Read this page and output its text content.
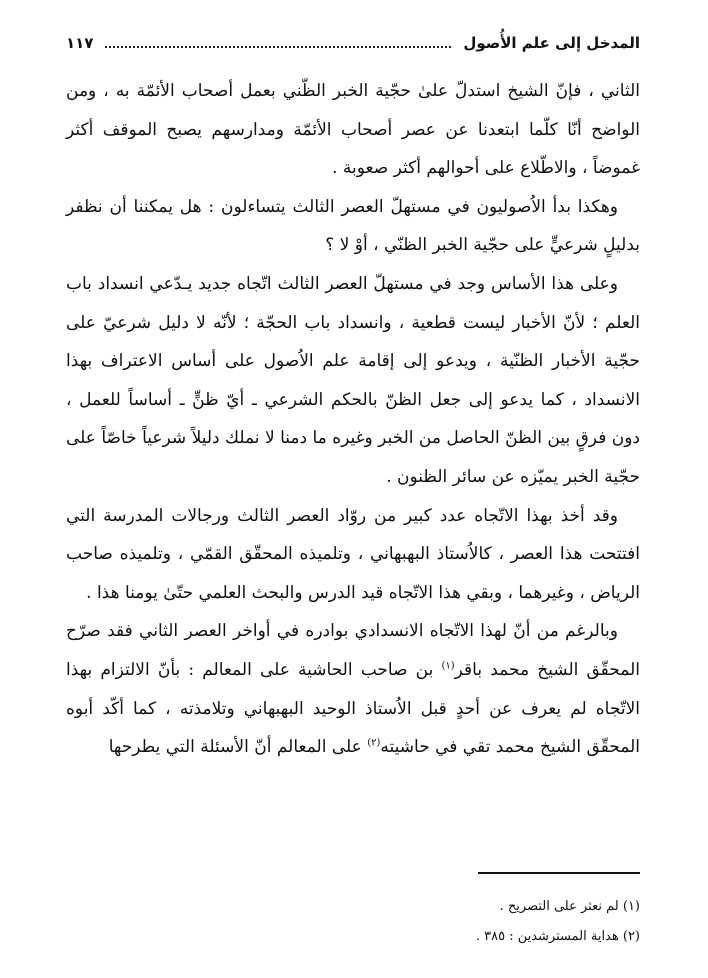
المدخل إلى علم الأُصول
١١٧

الثاني ، فإنّ الشيخ استدلّ علىٰ حجّية الخبر الظّني بعمل أصحاب الأئمّة به ، ومن الواضح أنّا كلّما ابتعدنا عن عصر أصحاب الأئمّة ومدارسهم يصبح الموقف أكثر غموضاً ، والاطّلاع على أحوالهم أكثر صعوبة .

وهكذا بدأ الاُصوليون في مستهلّ العصر الثالث يتساءلون : هل يمكننا أن نظفر بدليلٍ شرعيٍّ على حجّية الخبر الظنّي ، أوْ لا ؟

وعلى هذا الأساس وجد في مستهلّ العصر الثالث اتّجاه جديد يـدّعي انسداد باب العلم ؛ لأنّ الأخبار ليست قطعية ، وانسداد باب الحجّة ؛ لأنّه لا دليل شرعيّ على حجّية الأخبار الظنّية ، ويدعو إلى إقامة علم الاُصول على أساس الاعتراف بهذا الانسداد ، كما يدعو إلى جعل الظنّ بالحكم الشرعي ـ أيّ ظنٍّ ـ أساساً للعمل ، دون فرقٍ بين الظنّ الحاصل من الخبر وغيره ما دمنا لا نملك دليلاً شرعياً خاصّاً على حجّية الخبر يميّزه عن سائر الظنون .

وقد أخذ بهذا الاتّجاه عدد كبير من روّاد العصر الثالث ورجالات المدرسة التي افتتحت هذا العصر ، كالاُستاذ البهبهاني ، وتلميذه المحقّق القمّي ، وتلميذه صاحب الرياض ، وغيرهما ، وبقي هذا الاتّجاه قيد الدرس والبحث العلمي حتّىٰ يومنا هذا .

وبالرغم من أنّ لهذا الاتّجاه الانسدادي بوادره في أواخر العصر الثاني فقد صرّح المحقّق الشيخ محمد باقر$^{(١)}$ بن صاحب الحاشية على المعالم : بأنّ الالتزام بهذا الاتّجاه لم يعرف عن أحدٍ قبل الاُستاذ الوحيد البهبهاني وتلامذته ، كما أكّد أبوه المحقّق الشيخ محمد تقي في حاشيته$^{(٢)}$ على المعالم أنّ الأسئلة التي يطرحها

(١) لم نعثر على التصريح .
(٢) هداية المسترشدين : ٣٨٥ .
